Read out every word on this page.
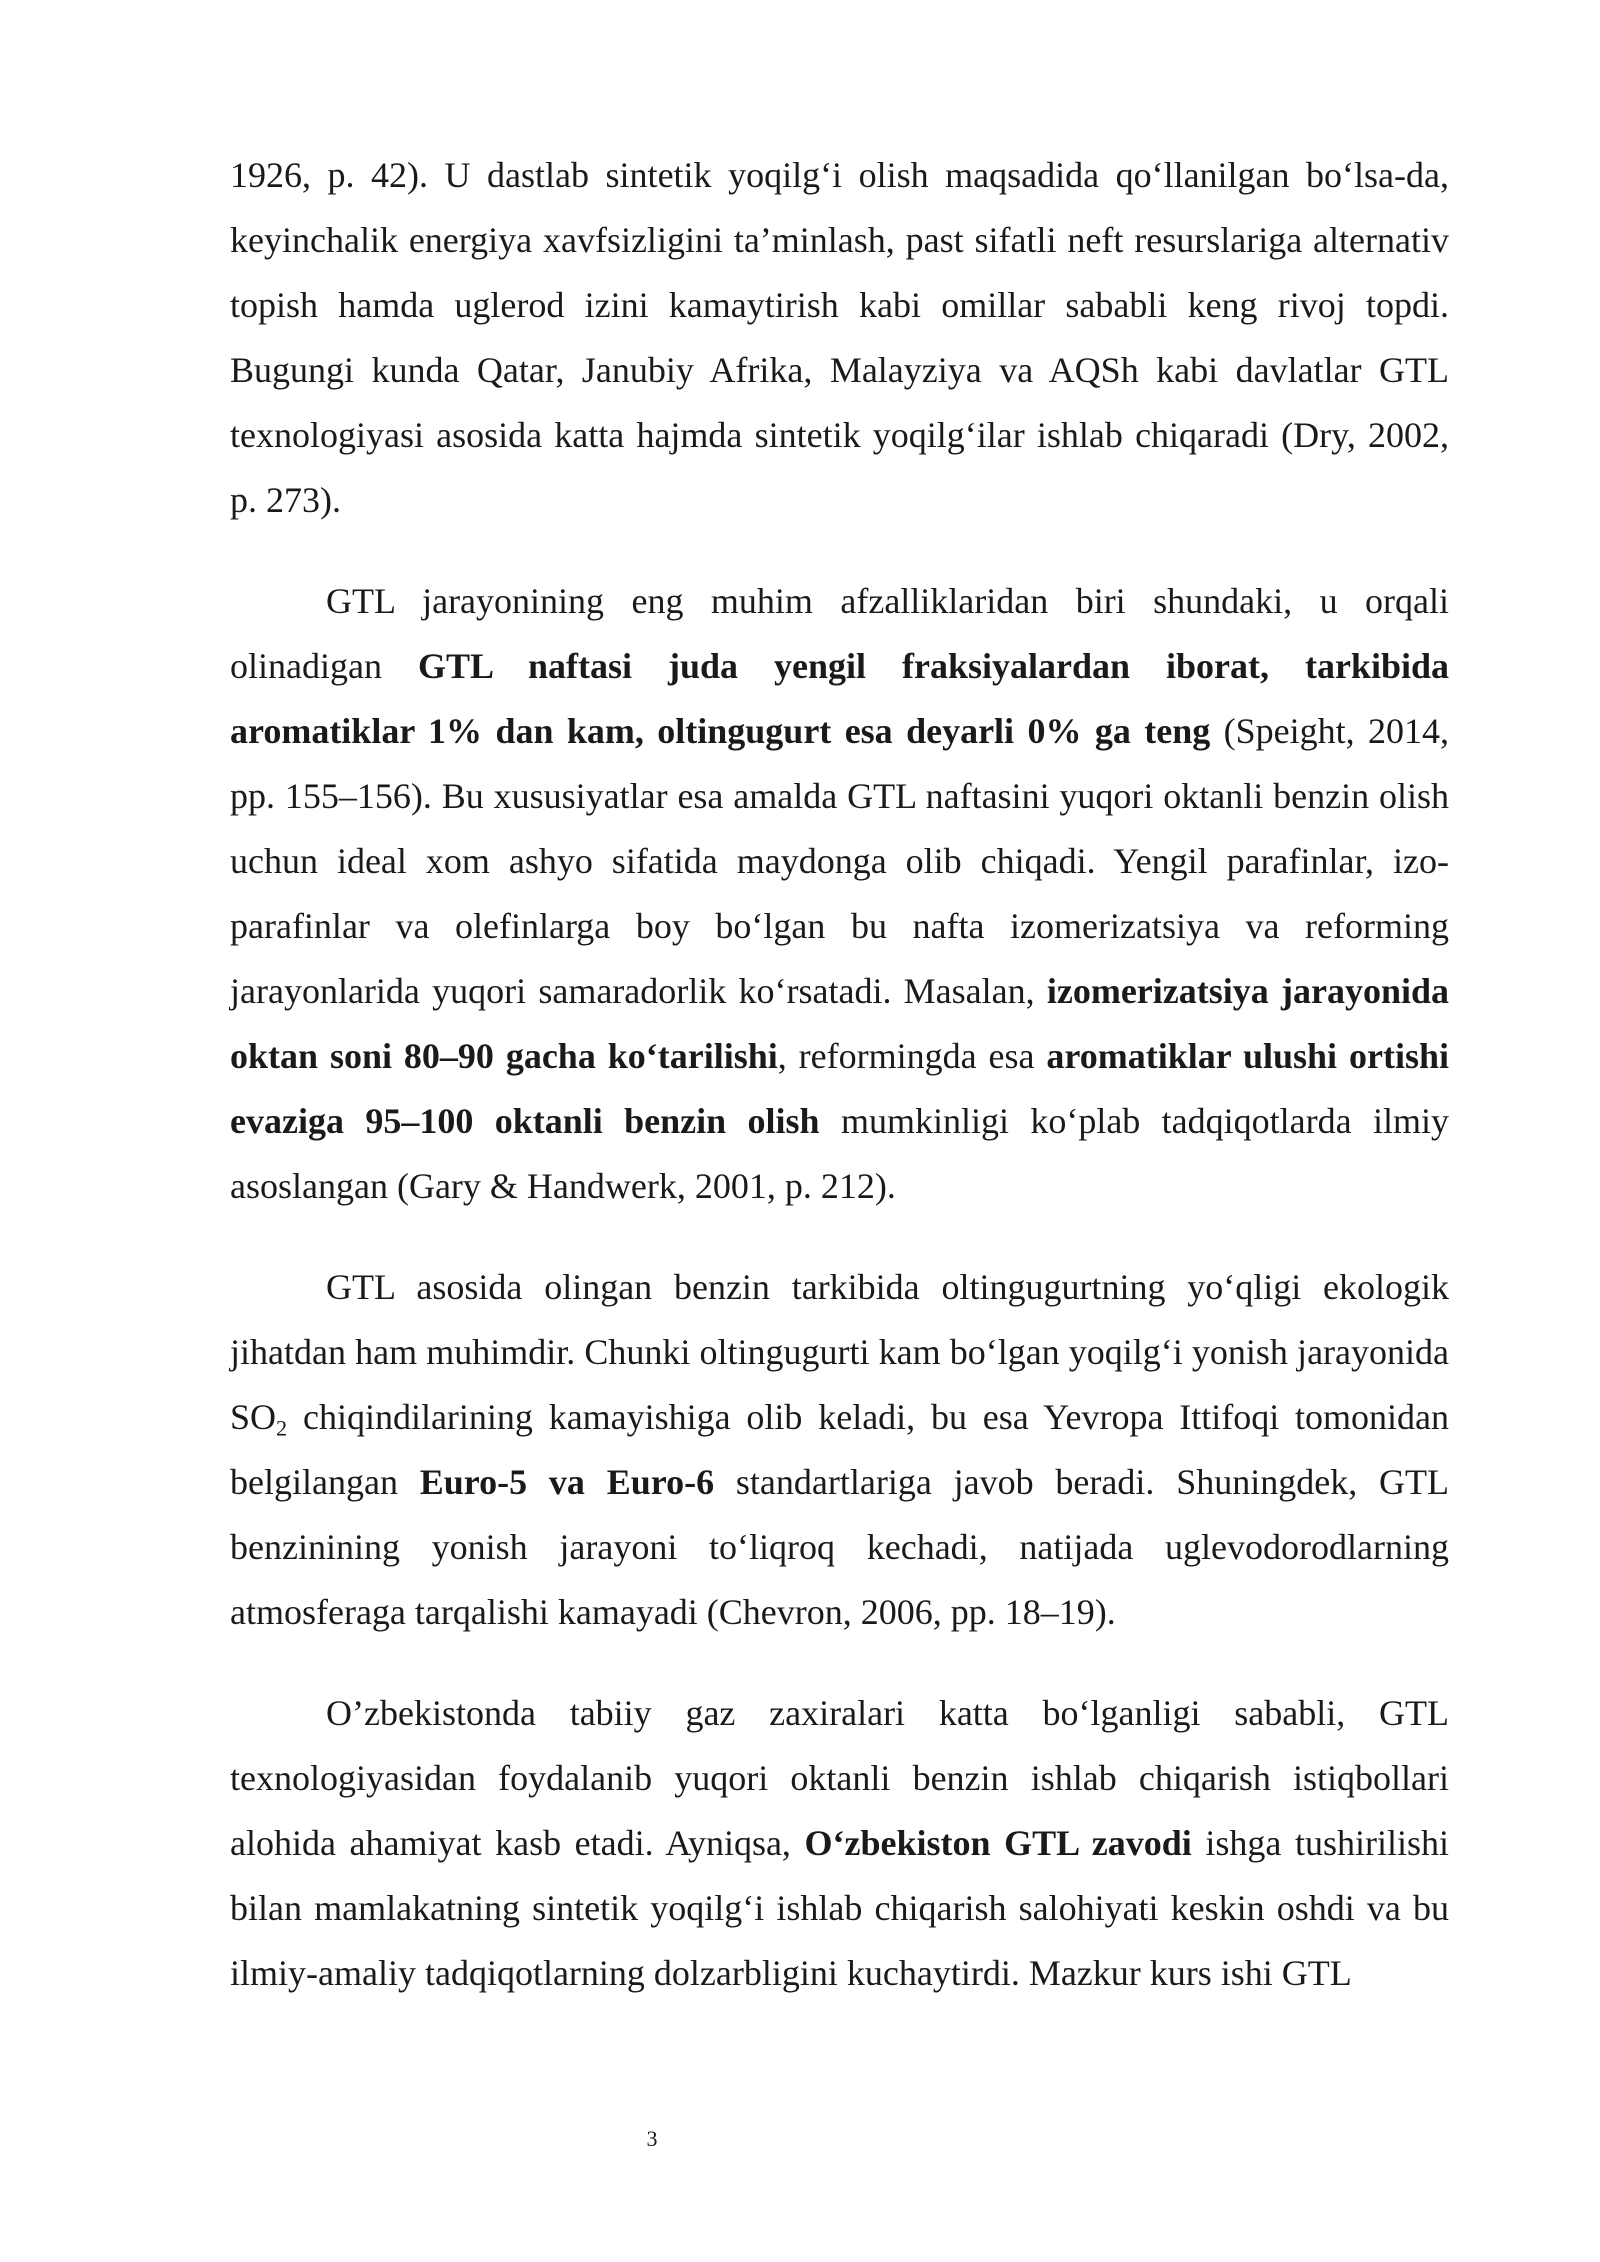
1926, p. 42). U dastlab sintetik yoqilg‘i olish maqsadida qo‘llanilgan bo‘lsa-da, keyinchalik energiya xavfsizligini ta’minlash, past sifatli neft resurslariga alternativ topish hamda uglerod izini kamaytirish kabi omillar sababli keng rivoj topdi. Bugungi kunda Qatar, Janubiy Afrika, Malayziya va AQSh kabi davlatlar GTL texnologiyasi asosida katta hajmda sintetik yoqilg‘ilar ishlab chiqaradi (Dry, 2002, p. 273).

GTL jarayonining eng muhim afzalliklaridan biri shundaki, u orqali olinadigan GTL naftasi juda yengil fraksiyalardan iborat, tarkibida aromatiklar 1% dan kam, oltingugurt esa deyarli 0% ga teng (Speight, 2014, pp. 155–156). Bu xususiyatlar esa amalda GTL naftasini yuqori oktanli benzin olish uchun ideal xom ashyo sifatida maydonga olib chiqadi. Yengil parafinlar, izo-parafinlar va olefinlarga boy bo‘lgan bu nafta izomerizatsiya va reforming jarayonlarida yuqori samaradorlik ko‘rsatadi. Masalan, izomerizatsiya jarayonida oktan soni 80–90 gacha ko‘tarilishi, reformingda esa aromatiklar ulushi ortishi evaziga 95–100 oktanli benzin olish mumkinligi ko‘plab tadqiqotlarda ilmiy asoslangan (Gary & Handwerk, 2001, p. 212).

GTL asosida olingan benzin tarkibida oltingugurtning yo‘qligi ekologik jihatdan ham muhimdir. Chunki oltingugurti kam bo‘lgan yoqilg‘i yonish jarayonida $SO_2$ chiqindilarining kamayishiga olib keladi, bu esa Yevropa Ittifoqi tomonidan belgilangan Euro-5 va Euro-6 standartlariga javob beradi. Shuningdek, GTL benzinining yonish jarayoni to‘liqroq kechadi, natijada uglevodorodlarning atmosferaga tarqalishi kamayadi (Chevron, 2006, pp. 18–19).

O’zbekistonda tabiiy gaz zaxiralari katta bo‘lganligi sababli, GTL texnologiyasidan foydalanib yuqori oktanli benzin ishlab chiqarish istiqbollari alohida ahamiyat kasb etadi. Ayniqsa, O‘zbekiston GTL zavodi ishga tushirilishi bilan mamlakatning sintetik yoqilg‘i ishlab chiqarish salohiyati keskin oshdi va bu ilmiy-amaliy tadqiqotlarning dolzarbligini kuchaytirdi. Mazkur kurs ishi GTL

3
